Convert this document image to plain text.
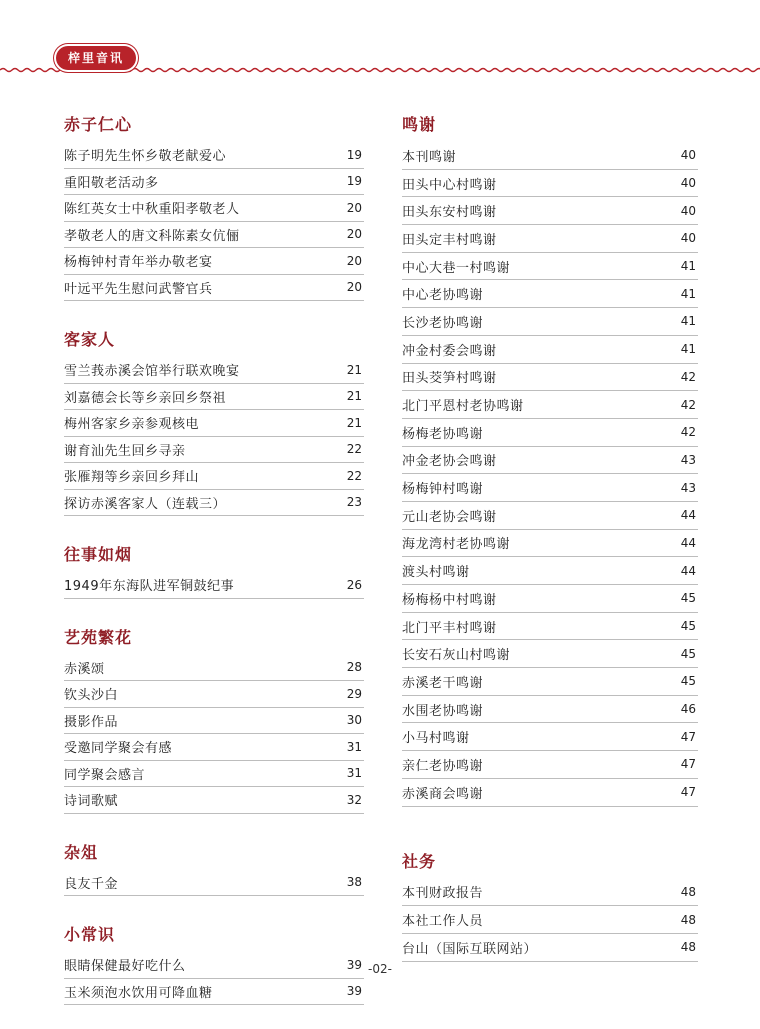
梓里音讯
赤子仁心
陈子明先生怀乡敬老献爱心	19
重阳敬老活动多	19
陈红英女士中秋重阳孝敬老人	20
孝敬老人的唐文科陈素女伉俪	20
杨梅钟村青年举办敬老宴	20
叶远平先生慰问武警官兵	20
客家人
雪兰莪赤溪会馆举行联欢晚宴	21
刘嘉德会长等乡亲回乡祭祖	21
梅州客家乡亲参观核电	21
谢育汕先生回乡寻亲	22
张雁翔等乡亲回乡拜山	22
探访赤溪客家人（连载三）	23
往事如烟
1949年东海队进军铜鼓纪事	26
艺苑繁花
赤溪颂	28
钦头沙白	29
摄影作品	30
受邀同学聚会有感	31
同学聚会感言	31
诗词歌赋	32
杂俎
良友千金	38
小常识
眼睛保健最好吃什么	39
玉米须泡水饮用可降血糖	39
鸣谢
本刊鸣谢	40
田头中心村鸣谢	40
田头东安村鸣谢	40
田头定丰村鸣谢	40
中心大巷一村鸣谢	41
中心老协鸣谢	41
长沙老协鸣谢	41
冲金村委会鸣谢	41
田头茭笋村鸣谢	42
北门平恩村老协鸣谢	42
杨梅老协鸣谢	42
冲金老协会鸣谢	43
杨梅钟村鸣谢	43
元山老协会鸣谢	44
海龙湾村老协鸣谢	44
渡头村鸣谢	44
杨梅杨中村鸣谢	45
北门平丰村鸣谢	45
长安石灰山村鸣谢	45
赤溪老干鸣谢	45
水围老协鸣谢	46
小马村鸣谢	47
亲仁老协鸣谢	47
赤溪商会鸣谢	47
社务
本刊财政报告	48
本社工作人员	48
台山（国际互联网站）	48
-02-
